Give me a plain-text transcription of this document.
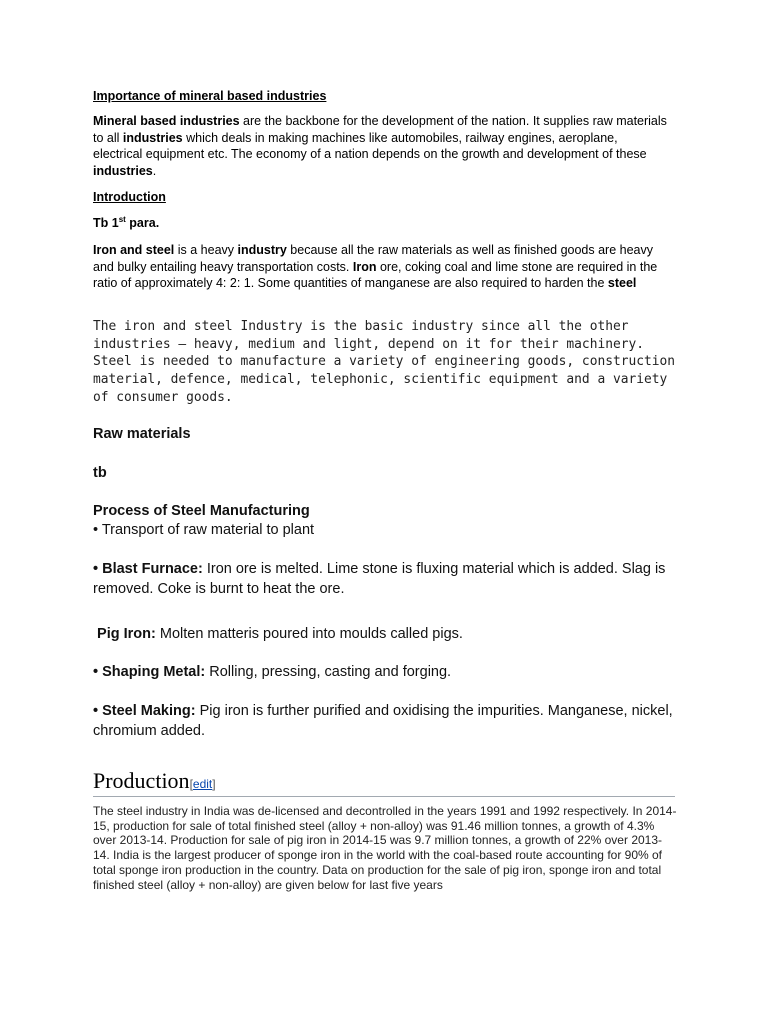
Importance of mineral based industries

Mineral based industries are the backbone for the development of the nation. It supplies raw materials to all industries which deals in making machines like automobiles, railway engines, aeroplane, electrical equipment etc. The economy of a nation depends on the growth and development of these industries.

Introduction
Tb 1st para.

Iron and steel is a heavy industry because all the raw materials as well as finished goods are heavy and bulky entailing heavy transportation costs. Iron ore, coking coal and lime stone are required in the ratio of approximately 4: 2: 1. Some quantities of manganese are also required to harden the steel

The iron and steel Industry is the basic industry since all the other industries — heavy, medium and light, depend on it for their machinery. Steel is needed to manufacture a variety of engineering goods, construction material, defence, medical, telephonic, scientific equipment and a variety of consumer goods.

Raw materials
tb
Process of Steel Manufacturing
• Transport of raw material to plant

• Blast Furnace: Iron ore is melted. Lime stone is fluxing material which is added. Slag is removed. Coke is burnt to heat the ore.

Pig Iron: Molten matteris poured into moulds called pigs.

• Shaping Metal: Rolling, pressing, casting and forging.

• Steel Making: Pig iron is further purified and oxidising the impurities. Manganese, nickel, chromium added.

Production[edit]

The steel industry in India was de-licensed and decontrolled in the years 1991 and 1992 respectively. In 2014-15, production for sale of total finished steel (alloy + non-alloy) was 91.46 million tonnes, a growth of 4.3% over 2013-14. Production for sale of pig iron in 2014-15 was 9.7 million tonnes, a growth of 22% over 2013-14. India is the largest producer of sponge iron in the world with the coal-based route accounting for 90% of total sponge iron production in the country. Data on production for the sale of pig iron, sponge iron and total finished steel (alloy + non-alloy) are given below for last five years
